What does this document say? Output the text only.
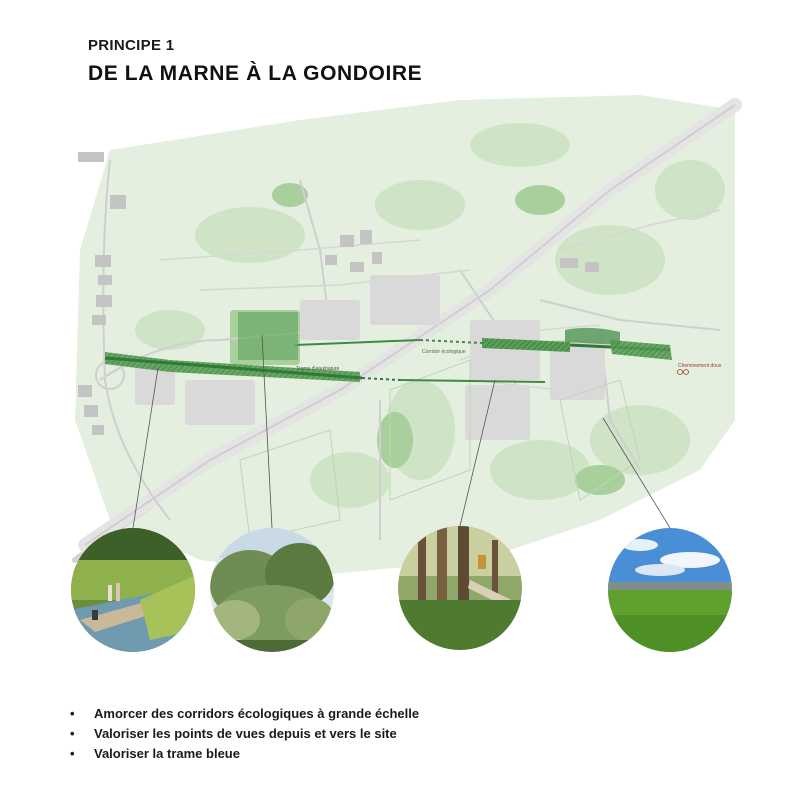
PRINCIPE 1
DE LA MARNE À LA GONDOIRE
Corridor écologique
Trame d'eau/nature	Cheminement doux
• Amorcer des corridors écologiques à grande échelle
• Valoriser les points de vues depuis et vers le site
• Valoriser la trame bleue
